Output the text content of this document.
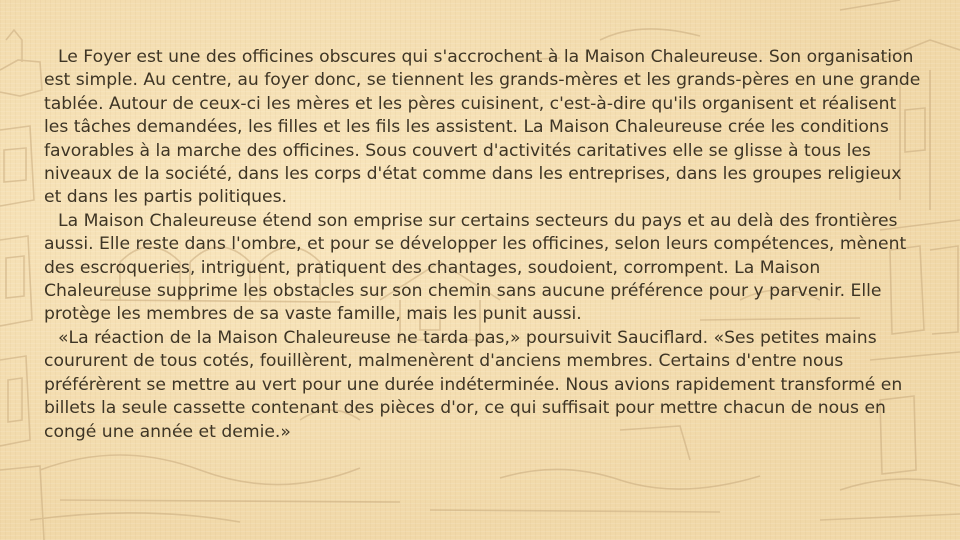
Le Foyer est une des officines obscures qui s'accrochent à la Maison Chaleureuse. Son organisation est simple. Au centre, au foyer donc, se tiennent les grands-mères et les grands-pères en une grande tablée. Autour de ceux-ci les mères et les pères cuisinent, c'est-à-dire qu'ils organisent et réalisent les tâches demandées, les filles et les fils les assistent. La Maison Chaleureuse crée les conditions favorables à la marche des officines. Sous couvert d'activités caritatives elle se glisse à tous les niveaux de la société, dans les corps d'état comme dans les entreprises, dans les groupes religieux et dans les partis politiques.

La Maison Chaleureuse étend son emprise sur certains secteurs du pays et au delà des frontières aussi. Elle reste dans l'ombre, et pour se développer les officines, selon leurs compétences, mènent des escroqueries, intriguent, pratiquent des chantages, soudoient, corrompent. La Maison Chaleureuse supprime les obstacles sur son chemin sans aucune préférence pour y parvenir. Elle protège les membres de sa vaste famille, mais les punit aussi.

«La réaction de la Maison Chaleureuse ne tarda pas,» poursuivit Sauciflard. «Ses petites mains coururent de tous cotés, fouillèrent, malmenèrent d'anciens membres. Certains d'entre nous préférèrent se mettre au vert pour une durée indéterminée. Nous avions rapidement transformé en billets la seule cassette contenant des pièces d'or, ce qui suffisait pour mettre chacun de nous en congé une année et demie.»
